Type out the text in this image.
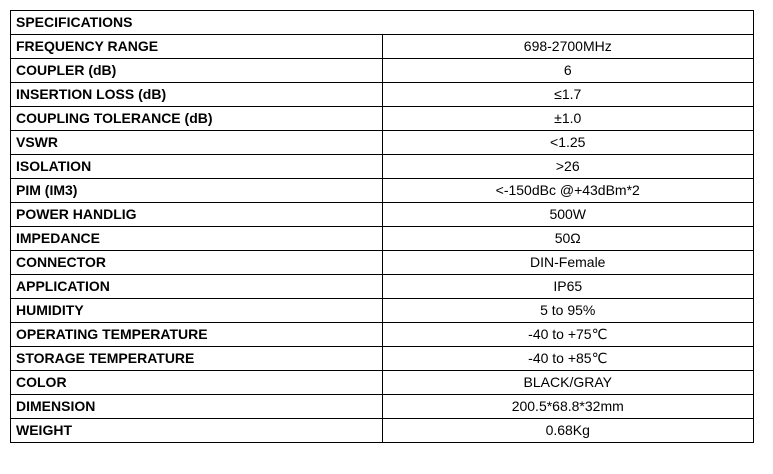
SPECIFICATIONS	
FREQUENCY RANGE	698-2700MHz
COUPLER (dB)	6
INSERTION LOSS (dB)	≤1.7
COUPLING TOLERANCE (dB)	±1.0
VSWR	<1.25
ISOLATION	>26
PIM (IM3)	<-150dBc @+43dBm*2
POWER HANDLIG	500W
IMPEDANCE	50Ω
CONNECTOR	DIN-Female
APPLICATION	IP65
HUMIDITY	5 to 95%
OPERATING TEMPERATURE	-40 to +75℃
STORAGE TEMPERATURE	-40 to +85℃
COLOR	BLACK/GRAY
DIMENSION	200.5*68.8*32mm
WEIGHT	0.68Kg
